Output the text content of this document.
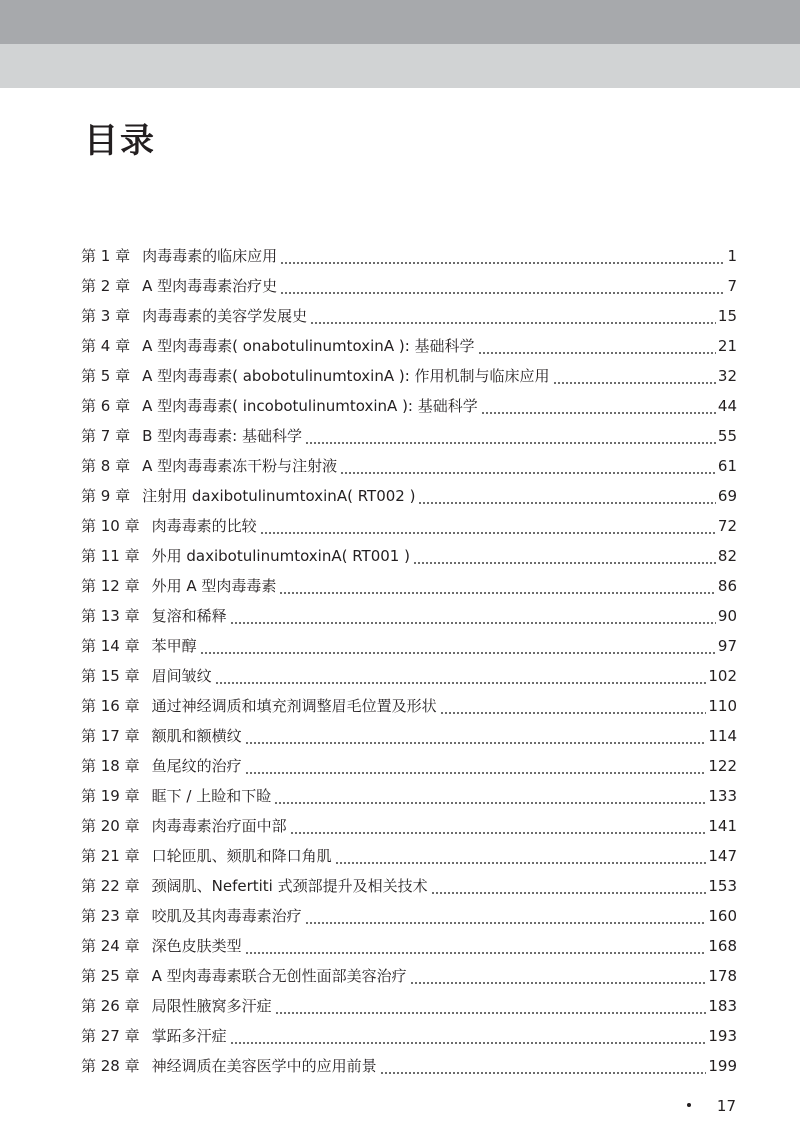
目录
第 1 章 肉毒毒素的临床应用	1
第 2 章 A 型肉毒毒素治疗史	7
第 3 章 肉毒毒素的美容学发展史	15
第 4 章 A 型肉毒毒素( onabotulinumtoxinA ): 基础科学	21
第 5 章 A 型肉毒毒素( abobotulinumtoxinA ): 作用机制与临床应用	32
第 6 章 A 型肉毒毒素( incobotulinumtoxinA ): 基础科学	44
第 7 章 B 型肉毒毒素: 基础科学	55
第 8 章 A 型肉毒毒素冻干粉与注射液	61
第 9 章 注射用 daxibotulinumtoxinA( RT002 )	69
第 10 章 肉毒毒素的比较	72
第 11 章 外用 daxibotulinumtoxinA( RT001 )	82
第 12 章 外用 A 型肉毒毒素	86
第 13 章 复溶和稀释	90
第 14 章 苯甲醇	97
第 15 章 眉间皱纹	102
第 16 章 通过神经调质和填充剂调整眉毛位置及形状	110
第 17 章 额肌和额横纹	114
第 18 章 鱼尾纹的治疗	122
第 19 章 眶下 / 上睑和下睑	133
第 20 章 肉毒毒素治疗面中部	141
第 21 章 口轮匝肌、颏肌和降口角肌	147
第 22 章 颈阔肌、Nefertiti 式颈部提升及相关技术	153
第 23 章 咬肌及其肉毒毒素治疗	160
第 24 章 深色皮肤类型	168
第 25 章 A 型肉毒毒素联合无创性面部美容治疗	178
第 26 章 局限性腋窝多汗症	183
第 27 章 掌跖多汗症	193
第 28 章 神经调质在美容医学中的应用前景	199
17
